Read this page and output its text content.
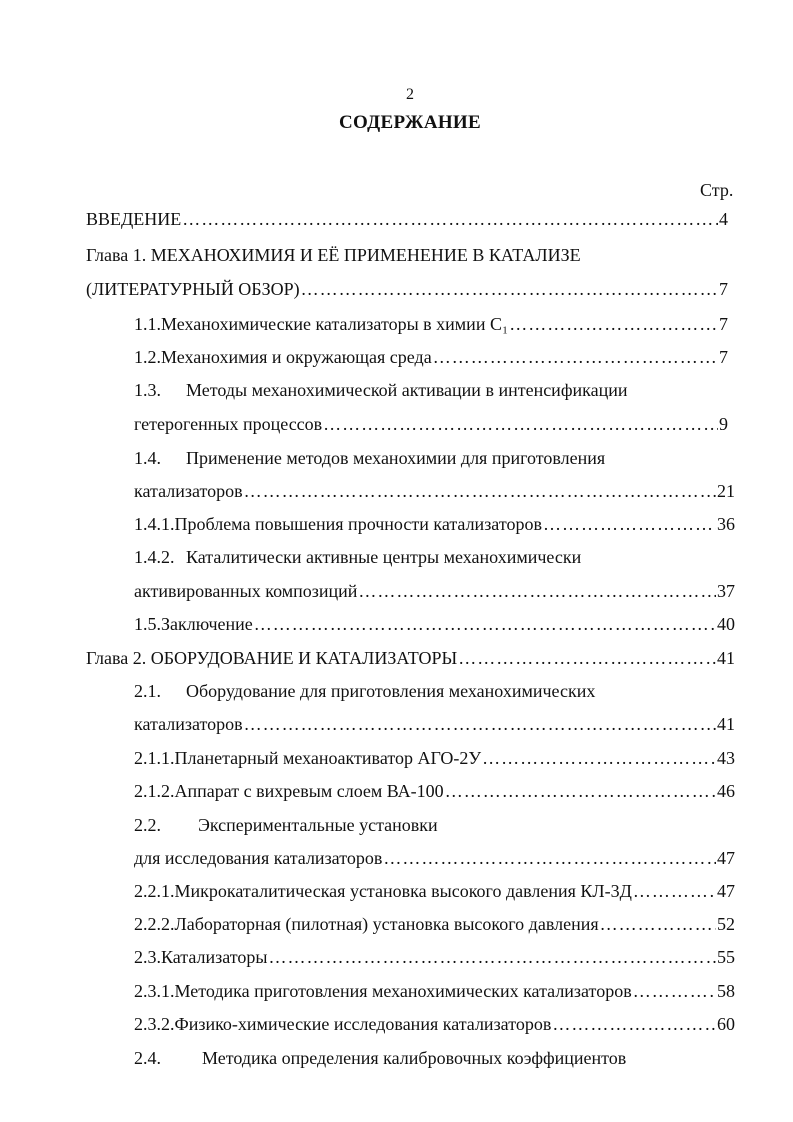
2
СОДЕРЖАНИЕ
Стр.
ВВЕДЕНИЕ ………………………………………………………………………………………………………………………………………………………………………………	4
Глава 1. МЕХАНОХИМИЯ И ЕЁ ПРИМЕНЕНИЕ В КАТАЛИЗЕ
(ЛИТЕРАТУРНЫЙ ОБЗОР) ………………………………………………………………………………………………………………………………………………………………………………	7
1.1. Механохимические катализаторы в химии С₁ ………………………………………………………………………………………………………………………………………………………………………………	7
1.2. Механохимия и окружающая среда ………………………………………………………………………………………………………………………………………………………………………………	7
1.3.	Методы механохимической активации в интенсификации
гетерогенных процессов ………………………………………………………………………………………………………………………………………………………………………………	9
1.4.	Применение методов механохимии для приготовления
катализаторов ………………………………………………………………………………………………………………………………………………………………………………	21
1.4.1. Проблема повышения прочности катализаторов ………………………………………………………………………………………………………………………………………………………………………………	36
1.4.2. Каталитически активные центры механохимически
активированных композиций ………………………………………………………………………………………………………………………………………………………………………………	37
1.5. Заключение ………………………………………………………………………………………………………………………………………………………………………………	40
Глава 2. ОБОРУДОВАНИЕ И КАТАЛИЗАТОРЫ ………………………………………………………………………………………………………………………………………………………………………………	41
2.1.	Оборудование для приготовления механохимических
катализаторов ………………………………………………………………………………………………………………………………………………………………………………	41
2.1.1. Планетарный механоактиватор АГО-2У ………………………………………………………………………………………………………………………………………………………………………………	43
2.1.2. Аппарат с вихревым слоем ВА-100 ………………………………………………………………………………………………………………………………………………………………………………	46
2.2.	Экспериментальные установки
для исследования катализаторов ………………………………………………………………………………………………………………………………………………………………………………	47
2.2.1. Микрокаталитическая установка высокого давления КЛ-3Д ………………………………………………………………………………………………………………………………………………………………………………	47
2.2.2. Лабораторная (пилотная) установка высокого давления ………………………………………………………………………………………………………………………………………………………………………………	52
2.3. Катализаторы ………………………………………………………………………………………………………………………………………………………………………………	55
2.3.1. Методика приготовления механохимических катализаторов ………………………………………………………………………………………………………………………………………………………………………………	58
2.3.2. Физико-химические исследования катализаторов ………………………………………………………………………………………………………………………………………………………………………………	60
2.4.	Методика определения калибровочных коэффициентов
